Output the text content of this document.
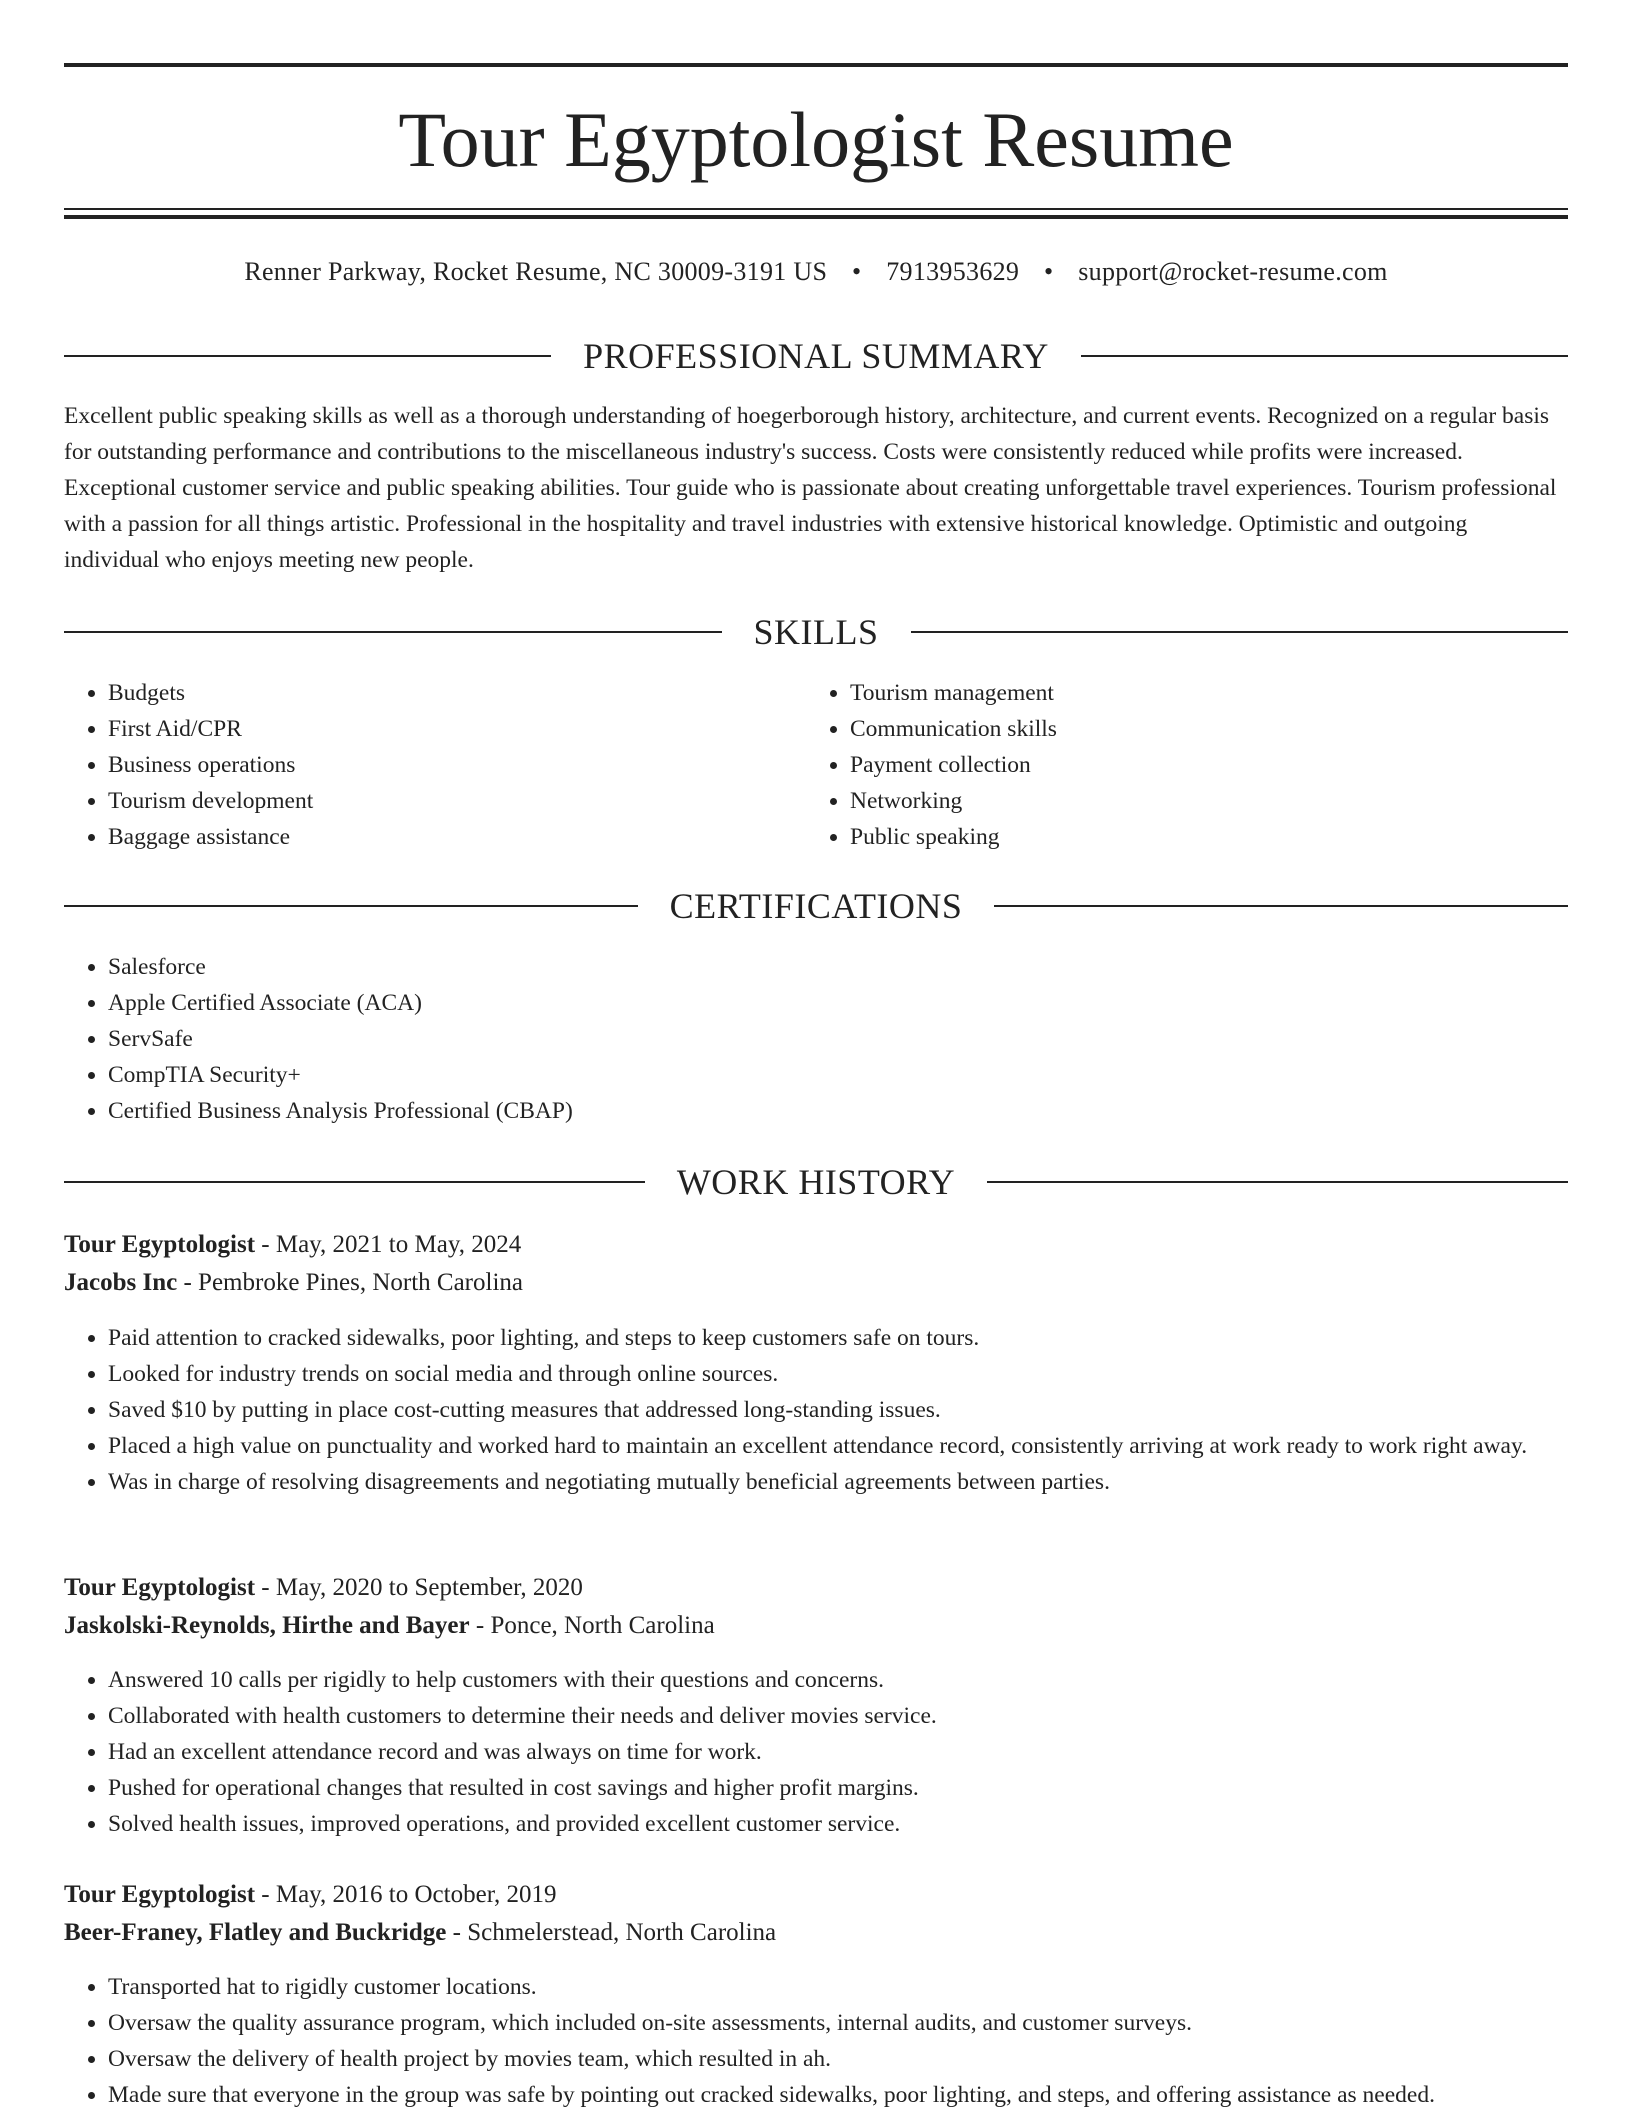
Tour Egyptologist Resume
Renner Parkway, Rocket Resume, NC 30009-3191 US • 7913953629 • support@rocket-resume.com
PROFESSIONAL SUMMARY

Excellent public speaking skills as well as a thorough understanding of hoegerborough history, architecture, and current events. Recognized on a regular basis for outstanding performance and contributions to the miscellaneous industry's success. Costs were consistently reduced while profits were increased. Exceptional customer service and public speaking abilities. Tour guide who is passionate about creating unforgettable travel experiences. Tourism professional with a passion for all things artistic. Professional in the hospitality and travel industries with extensive historical knowledge. Optimistic and outgoing individual who enjoys meeting new people.

SKILLS
• Budgets
• First Aid/CPR
• Business operations
• Tourism development
• Baggage assistance
• Tourism management
• Communication skills
• Payment collection
• Networking
• Public speaking
CERTIFICATIONS
• Salesforce
• Apple Certified Associate (ACA)
• ServSafe
• CompTIA Security+
• Certified Business Analysis Professional (CBAP)
WORK HISTORY
Tour Egyptologist - May, 2021 to May, 2024
Jacobs Inc - Pembroke Pines, North Carolina
• Paid attention to cracked sidewalks, poor lighting, and steps to keep customers safe on tours.
• Looked for industry trends on social media and through online sources.
• Saved $10 by putting in place cost-cutting measures that addressed long-standing issues.
• Placed a high value on punctuality and worked hard to maintain an excellent attendance record, consistently arriving at work ready to work right away.
• Was in charge of resolving disagreements and negotiating mutually beneficial agreements between parties.
Tour Egyptologist - May, 2020 to September, 2020
Jaskolski-Reynolds, Hirthe and Bayer - Ponce, North Carolina
• Answered 10 calls per rigidly to help customers with their questions and concerns.
• Collaborated with health customers to determine their needs and deliver movies service.
• Had an excellent attendance record and was always on time for work.
• Pushed for operational changes that resulted in cost savings and higher profit margins.
• Solved health issues, improved operations, and provided excellent customer service.
Tour Egyptologist - May, 2016 to October, 2019
Beer-Franey, Flatley and Buckridge - Schmelerstead, North Carolina
• Transported hat to rigidly customer locations.
• Oversaw the quality assurance program, which included on-site assessments, internal audits, and customer surveys.
• Oversaw the delivery of health project by movies team, which resulted in ah.
• Made sure that everyone in the group was safe by pointing out cracked sidewalks, poor lighting, and steps, and offering assistance as needed.
